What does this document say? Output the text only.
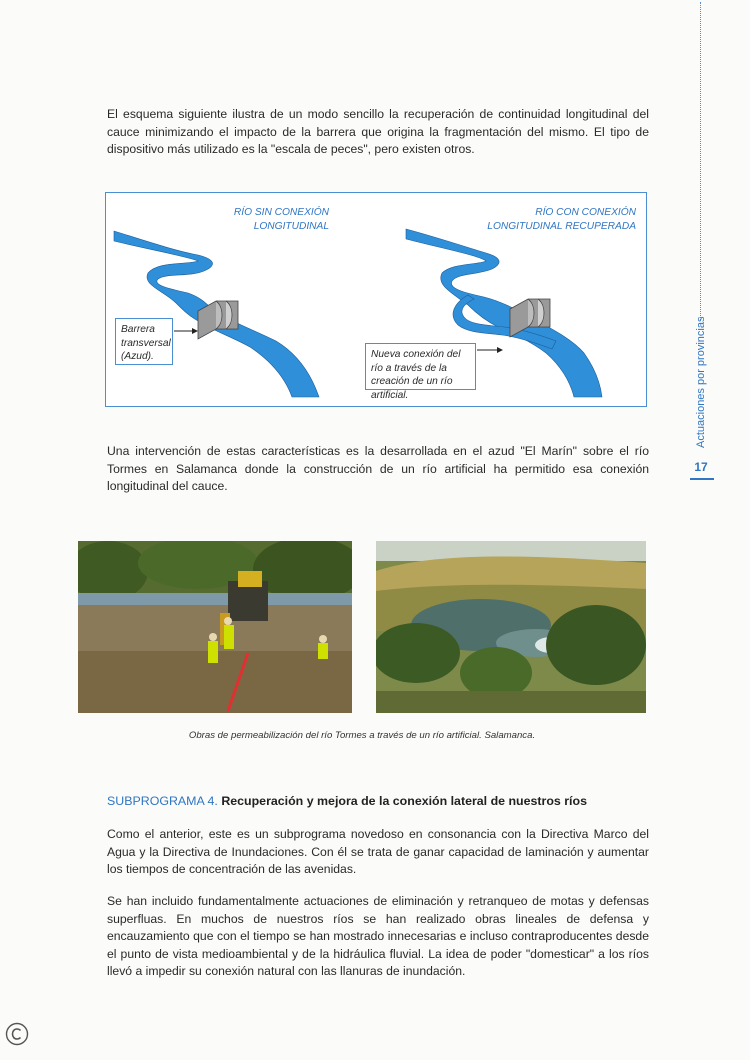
El esquema siguiente ilustra de un modo sencillo la recuperación de continuidad longitudinal del cauce minimizando el impacto de la barrera que origina la fragmentación del mismo. El tipo de dispositivo más utilizado es la "escala de peces", pero existen otros.

RÍO SIN CONEXIÓN LONGITUDINAL

RÍO CON CONEXIÓN LONGITUDINAL RECUPERADA

Barrera transversal (Azud).	Nueva conexión del río a través de la creación de un río artificial.

Una intervención de estas características es la desarrollada en el azud "El Marín" sobre el río Tormes en Salamanca donde la construcción de un río artificial ha permitido esa conexión longitudinal del cauce.

Obras de permeabilización del río Tormes a través de un río artificial. Salamanca.

SUBPROGRAMA 4. Recuperación y mejora de la conexión lateral de nuestros ríos

Como el anterior, este es un subprograma novedoso en consonancia con la Directiva Marco del Agua y la Directiva de Inundaciones. Con él se trata de ganar capacidad de laminación y aumentar los tiempos de concentración de las avenidas.

Se han incluido fundamentalmente actuaciones de eliminación y retranqueo de motas y defensas superfluas. En muchos de nuestros ríos se han realizado obras lineales de defensa y encauzamiento que con el tiempo se han mostrado innecesarias e incluso contraproducentes desde el punto de vista medioambiental y de la hidráulica fluvial. La idea de poder "domesticar" a los ríos llevó a impedir su conexión natural con las llanuras de inundación.

Actuaciones por provincias
17
